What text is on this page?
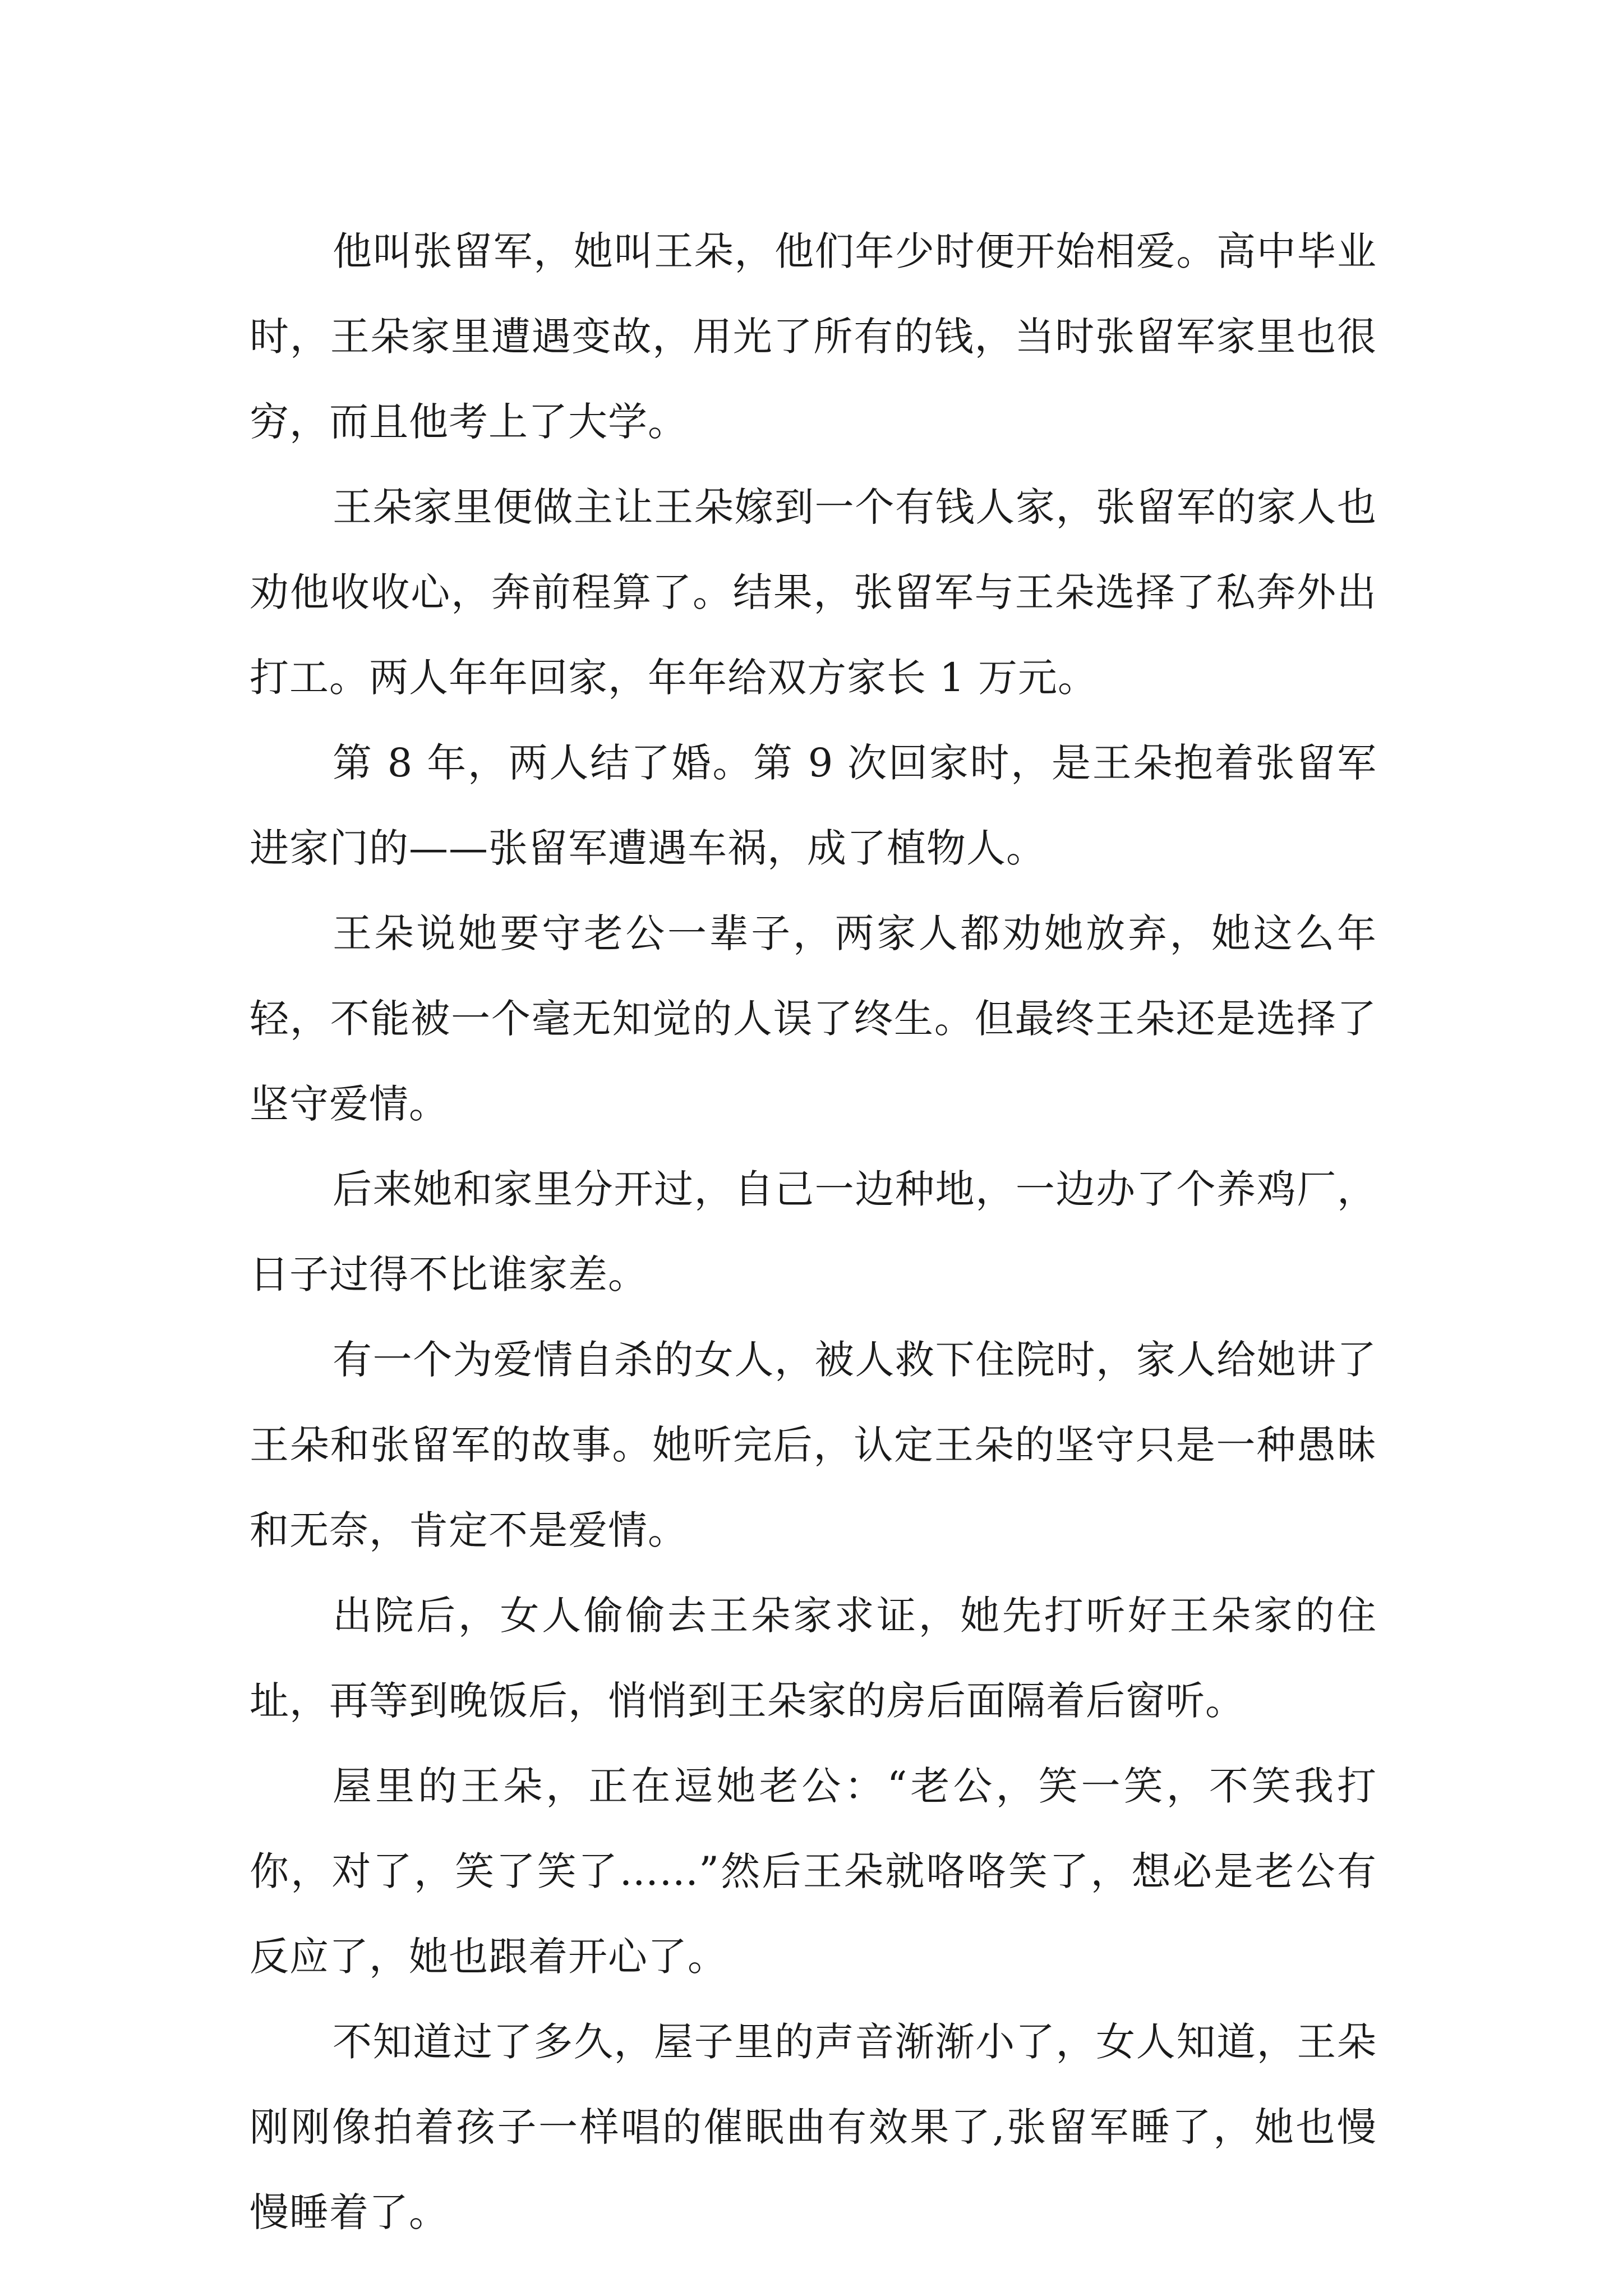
他叫张留军，她叫王朵，他们年少时便开始相爱。高中毕业时，王朵家里遭遇变故，用光了所有的钱，当时张留军家里也很穷，而且他考上了大学。

王朵家里便做主让王朵嫁到一个有钱人家，张留军的家人也劝他收收心，奔前程算了。结果，张留军与王朵选择了私奔外出打工。两人年年回家，年年给双方家长 1 万元。

第 8 年，两人结了婚。第 9 次回家时，是王朵抱着张留军进家门的——张留军遭遇车祸，成了植物人。

王朵说她要守老公一辈子，两家人都劝她放弃，她这么年轻，不能被一个毫无知觉的人误了终生。但最终王朵还是选择了坚守爱情。

后来她和家里分开过，自己一边种地，一边办了个养鸡厂，日子过得不比谁家差。

有一个为爱情自杀的女人，被人救下住院时，家人给她讲了王朵和张留军的故事。她听完后，认定王朵的坚守只是一种愚昧和无奈，肯定不是爱情。

出院后，女人偷偷去王朵家求证，她先打听好王朵家的住址，再等到晚饭后，悄悄到王朵家的房后面隔着后窗听。

屋里的王朵，正在逗她老公：“老公，笑一笑，不笑我打你，对了，笑了笑了……”然后王朵就咯咯笑了，想必是老公有反应了，她也跟着开心了。

不知道过了多久，屋子里的声音渐渐小了，女人知道，王朵刚刚像拍着孩子一样唱的催眠曲有效果了,张留军睡了，她也慢慢睡着了。
